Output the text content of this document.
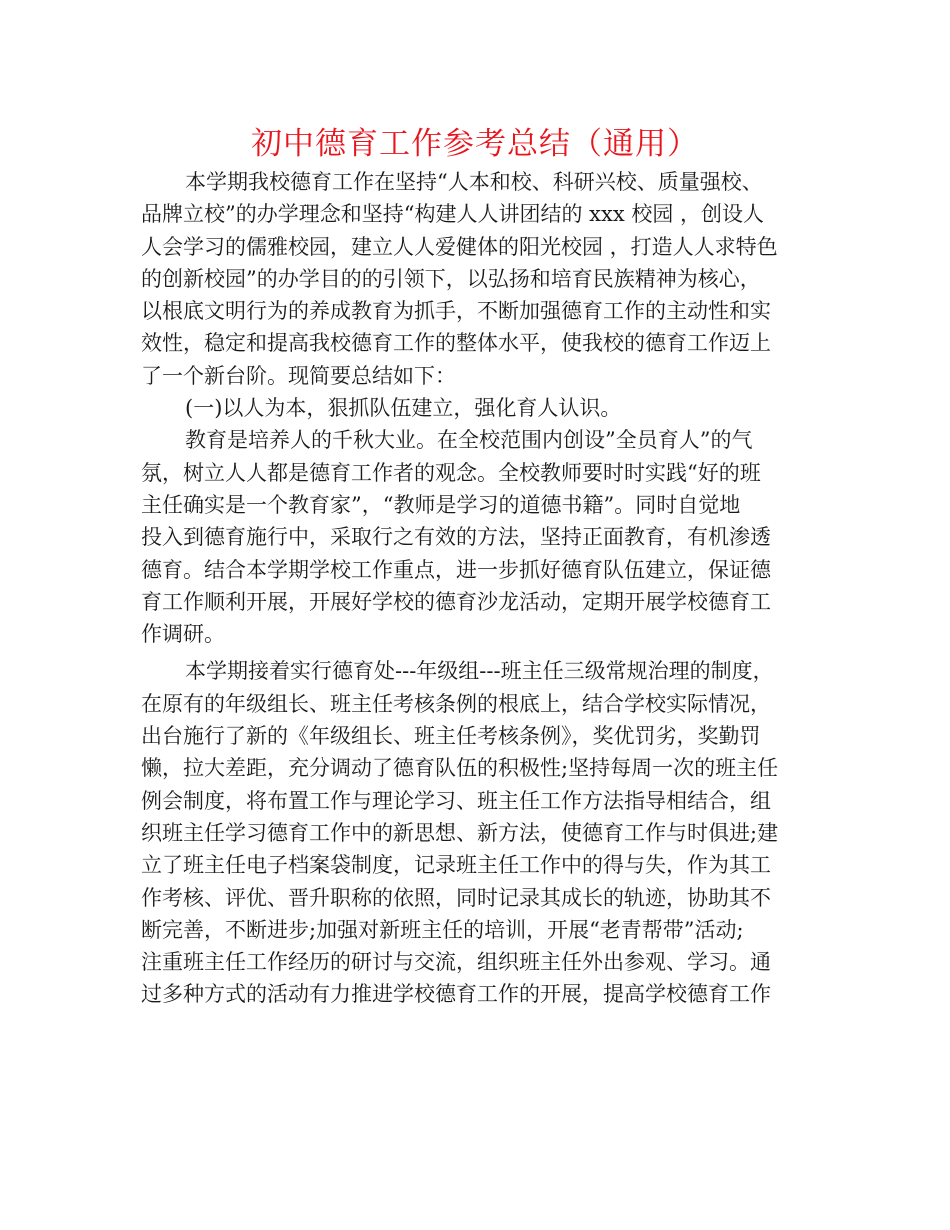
初中德育工作参考总结（通用）
本学期我校德育工作在坚持“人本和校、科研兴校、质量强校、
品牌立校”的办学理念和坚持“构建人人讲团结的 xxx 校园 ，创设人
人会学习的儒雅校园，建立人人爱健体的阳光校园 ，打造人人求特色
的创新校园”的办学目的的引领下，以弘扬和培育民族精神为核心，
以根底文明行为的养成教育为抓手，不断加强德育工作的主动性和实
效性，稳定和提高我校德育工作的整体水平，使我校的德育工作迈上
了一个新台阶。现简要总结如下：
(一)以人为本，狠抓队伍建立，强化育人认识。
教育是培养人的千秋大业。在全校范围内创设”全员育人”的气
氛，树立人人都是德育工作者的观念。全校教师要时时实践“好的班
主任确实是一个教育家”，“教师是学习的道德书籍”。同时自觉地
投入到德育施行中，采取行之有效的方法，坚持正面教育，有机渗透
德育。结合本学期学校工作重点，进一步抓好德育队伍建立，保证德
育工作顺利开展，开展好学校的德育沙龙活动，定期开展学校德育工
作调研。
本学期接着实行德育处---年级组---班主任三级常规治理的制度，
在原有的年级组长、班主任考核条例的根底上，结合学校实际情况，
出台施行了新的《年级组长、班主任考核条例》，奖优罚劣，奖勤罚
懒，拉大差距，充分调动了德育队伍的积极性;坚持每周一次的班主任
例会制度，将布置工作与理论学习、班主任工作方法指导相结合，组
织班主任学习德育工作中的新思想、新方法，使德育工作与时俱进;建
立了班主任电子档案袋制度，记录班主任工作中的得与失，作为其工
作考核、评优、晋升职称的依照，同时记录其成长的轨迹，协助其不
断完善，不断进步;加强对新班主任的培训，开展“老青帮带”活动;
注重班主任工作经历的研讨与交流，组织班主任外出参观、学习。通
过多种方式的活动有力推进学校德育工作的开展，提高学校德育工作
